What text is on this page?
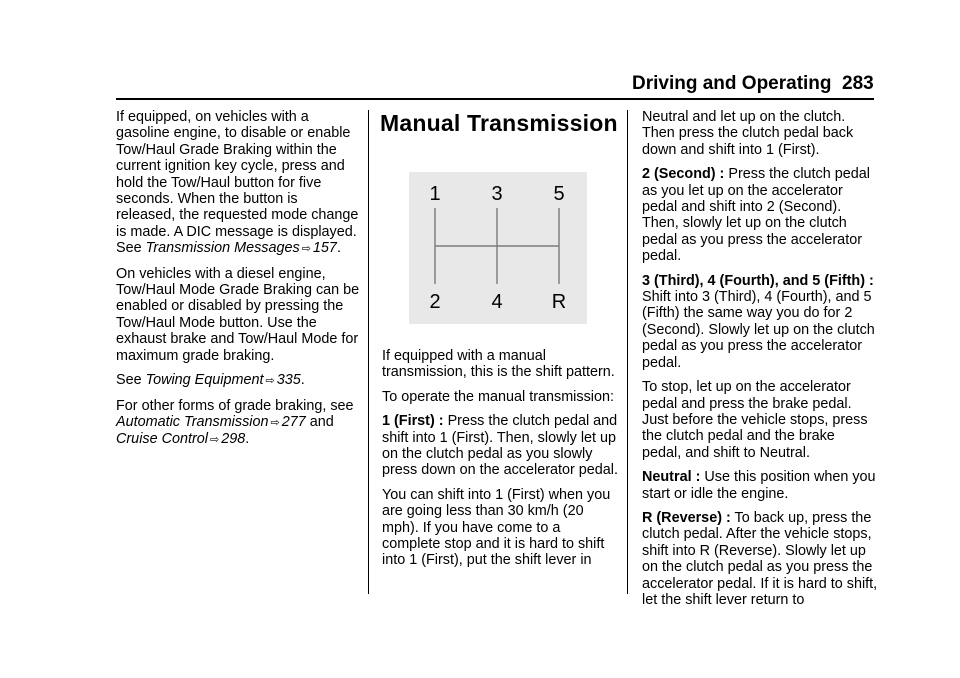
Driving and Operating 283

If equipped, on vehicles with a gasoline engine, to disable or enable Tow/Haul Grade Braking within the current ignition key cycle, press and hold the Tow/Haul button for five seconds. When the button is released, the requested mode change is made. A DIC message is displayed. See Transmission Messages ⇨ 157.

On vehicles with a diesel engine, Tow/Haul Mode Grade Braking can be enabled or disabled by pressing the Tow/Haul Mode button. Use the exhaust brake and Tow/Haul Mode for maximum grade braking.

See Towing Equipment ⇨ 335.

For other forms of grade braking, see Automatic Transmission ⇨ 277 and Cruise Control ⇨ 298.

Manual Transmission
1	3	5
2	4 R

If equipped with a manual transmission, this is the shift pattern.

To operate the manual transmission:

1 (First) : Press the clutch pedal and shift into 1 (First). Then, slowly let up on the clutch pedal as you slowly press down on the accelerator pedal.

You can shift into 1 (First) when you are going less than 30 km/h (20 mph). If you have come to a complete stop and it is hard to shift into 1 (First), put the shift lever in

Neutral and let up on the clutch. Then press the clutch pedal back down and shift into 1 (First).

2 (Second) : Press the clutch pedal as you let up on the accelerator pedal and shift into 2 (Second). Then, slowly let up on the clutch pedal as you press the accelerator pedal.

3 (Third), 4 (Fourth), and 5 (Fifth) : Shift into 3 (Third), 4 (Fourth), and 5 (Fifth) the same way you do for 2 (Second). Slowly let up on the clutch pedal as you press the accelerator pedal.

To stop, let up on the accelerator pedal and press the brake pedal. Just before the vehicle stops, press the clutch pedal and the brake pedal, and shift to Neutral.

Neutral : Use this position when you start or idle the engine.

R (Reverse) : To back up, press the clutch pedal. After the vehicle stops, shift into R (Reverse). Slowly let up on the clutch pedal as you press the accelerator pedal. If it is hard to shift, let the shift lever return to
